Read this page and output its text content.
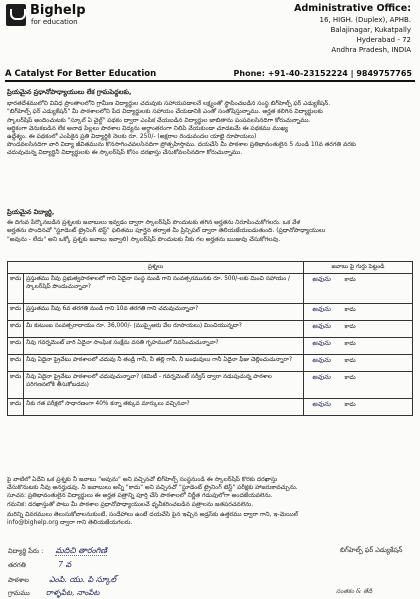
Bighelp
for education
A Catalyst For Better Education
Administrative Office:
16, HIGH. (Duplex), APHB.
Balajinagar, Kukatpally
Hyderabad - 72
Andhra Pradesh, INDIA
Phone: +91-40-23152224 | 9849757765
ప్రియమైన ప్రధానోపాధ్యాయులు లేక గ్రామపెద్దలకు,
భారతదేశములోని వివిధ ప్రాంతాలలోని గ్రామీణ విద్యార్థుల చదువుకు సహాయపడాలనే లక్ష్యంతో స్థాపించబడిన సంస్థ బిగ్‌హెల్ప్ ఫర్ ఎడ్యుకేషన్.
"బిగ్‌హెల్ప్ ఫర్ ఎడ్యుకేషన్" మీ పాఠశాలలోని పేద విద్యార్థులకు సహాయం చేయడానికి ఎంతో సంతోషిస్తున్నాము. అర్హత కలిగిన విద్యార్థులకు
స్కాలర్‌షిప్ అందించుటకు "స్కూల్ ఏ చైల్డ్" పథకం ద్వారా ఎంపిక చేయబడిన విద్యార్థుల జాబితాను పంపవలసినదిగా కోరుచున్నాము.
ఆర్థికంగా వెనుకబడిన లేక అనాథ పిల్లలు పాఠశాల విద్యను అర్ధాంతరంగా నిలిపి వేయకుండా చూడటమే ఈ పథకము ముఖ్య
ఉద్దేశ్యం. ఈ పథకంలో ఎంపికైన ప్రతి విద్యార్థికి నెలకు రూ. 250/- (అక్షరాల రెండువందల యాభై రూపాయలు)
పొందవలసినదిగా వారి విద్యా జీవితమును కొనసాగించవలసినదిగా ప్రోత్సహిస్తాము. దయచేసి మీ పాఠశాల ప్రతిభావంతులైన 5 నుండి 10వ తరగతి వరకు
చదువుచున్న విద్యార్థినీ విద్యార్థులకు ఈ స్కాలర్‌షిప్ కోసం దరఖాస్తు చేసుకోవలసినదిగా కోరుచున్నాము.
ప్రియమైన విద్యార్థి,
ఈ దిగువ పేర్కొనబడిన ప్రశ్నలకు జవాబులు ఇవ్వడం ద్వారా స్కాలర్‌షిప్ పొందుటకు తగిన అర్హతను నిరూపించుకోగలరు. ఒక వేళ
అర్హతను పొందినచో "స్టూడెంట్ ట్రైనింగ్ టెస్ట్" ఫలితము పూర్తైన తర్వాత మీ ప్రిన్సిపల్ ద్వారా తెలియజేయబడుతుంది. (ప్రధానోపాధ్యాయులు
"అవును - లేదు" అని ఒక్కో ప్రశ్నకు జవాబు ఇవ్వాలి) స్కాలర్‌షిప్ పొందుటకు నీకు గల అర్హతను ఋజువు చేసుకోగలవు.
ప్రశ్నలు		జవాబు పై గుర్తు పెట్టండి
కాదు	ప్రస్తుతము నీవు ప్రభుత్వపాఠశాలలో గాని ఏదైనా సంస్థ నుండి గాని సంవత్సరమునకు రూ. 500/-లకు మించి సహాయం / స్కాలర్‌షిప్ పొందుచున్నావా?	అవును కాదు
కాదు	ప్రస్తుతము నీవు 6వ తరగతి నుండి గాని 10వ తరగతి గాని చదువుచున్నావా?	అవును కాదు
కాదు	మీ కుటుంబ సంవత్సరాదాయం రూ. 36,000/- (ముప్పైఆరు వేల రూపాయలు) మించియున్నదా?	అవును కాదు
కాదు	నీవు గవర్నమెంట్ వారి ఏదైనా సాంఘిక సంక్షేమ వసతి గృహములో నివసించుచున్నావా?	అవును కాదు
కాదు	నీవు ఏదైనా ప్రైవేటు పాఠశాలలో చదువు నీ తండ్రి గానీ, నీ తల్లి గానీ, నీ బంధువులు గానీ ఏదైనా ఫీజు చెల్లించుచున్నారా?	అవును కాదు
కాదు	నీవు ఏదైనా ప్రైవేటు పాఠశాలలో చదువుచున్నావా? (కమిటీ - గవర్నమెంట్ సర్వీస్ ద్వారా నడుపుచున్న పాఠశాల పరిగణనలోకి తీసుకోబడదు)	అవును కాదు
కాదు	నీకు గత పరీక్షలో సాధారణంగా 40% కన్నా తక్కువ మార్కులు వచ్చినవా?	అవును కాదు
పై వాటిలో ఏదేని ఒక ప్రశ్నకు నీ జవాబు "అవును" అని వచ్చినచో బిగ్‌హెల్ప్ సంస్థనుండి ఈ స్కాలర్‌షిప్ కొరకు దరఖాస్తు
చేసుకొనుటకు నీవు అనర్హుడవు. నీ జవాబులు అన్నీ "కాదు" అని వచ్చినచో "స్టూడెంట్ ట్రైనింగ్ టెస్ట్" పరీక్షకు హాజరుకావచ్చును.
సూచన: ప్రతిభావంతులైన విద్యార్థులు ఈ అర్హత పత్రాన్ని పూర్తి చేసి పాఠశాలలో నిర్ణీత గడువులోగా అందజేయవలెను.
గమనిక: దరఖాస్తుతో పాటు మీ పాఠశాల ప్రధానోపాధ్యాయులచే ధృవీకరించబడిన పత్రాలను జతపరచవలెను.
మరిన్ని వివరములు తెలుసుకోవాలనుకుంటే, సందేహాలు ఉంటే దయచేసి పైన ఇచ్చిన అడ్రస్‌కు ఉత్తరము ద్వారా గాని, ఇ-మెయిల్
info@bighelp.org ద్వారా గాని తెలియజేయగలరు.
విద్యార్థి పేరు : మదిచి తారంగిణి
తరగతి	7 వ
పాఠశాల	ఎంపి. యు. పి స్కూల్
గ్రామము రాళ్ళపేట, నాంపేట
బిగ్‌హెల్ప్ ఫర్ ఎడ్యుకేషన్
సంతకం & తేదీ
